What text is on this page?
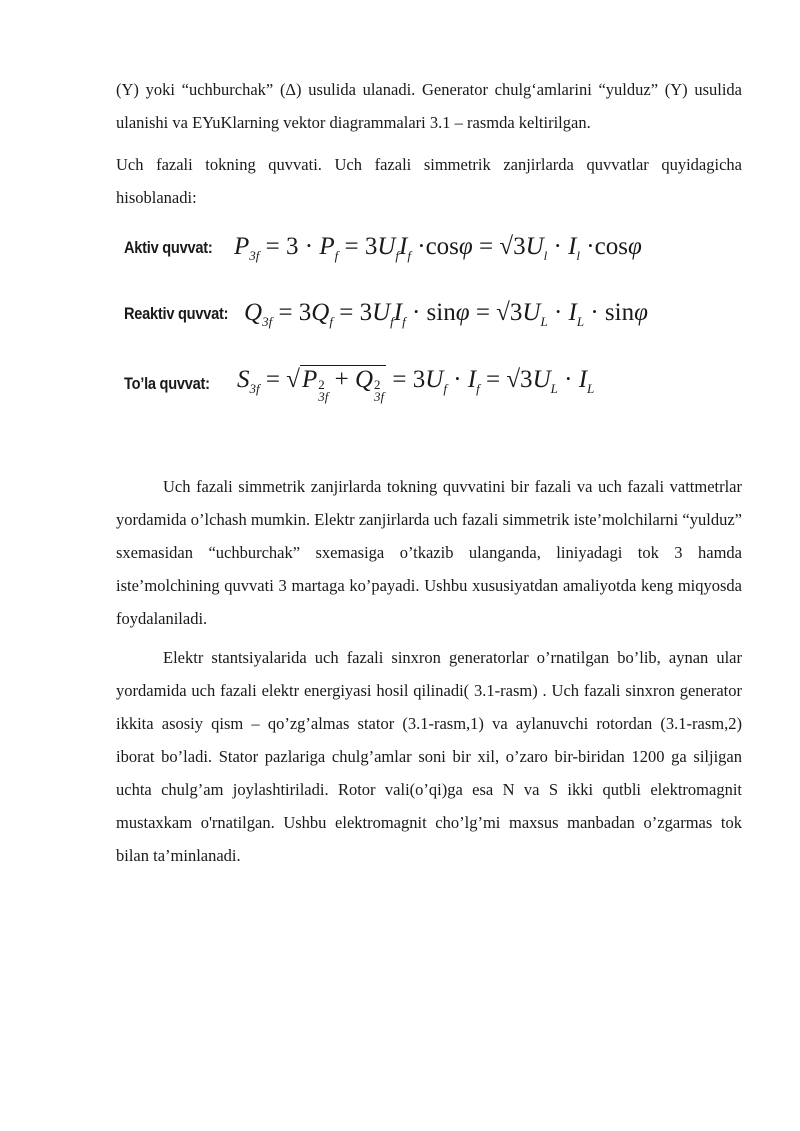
(Y) yoki “uchburchak” (Δ) usulida ulanadi. Generator chulg‘amlarini “yulduz” (Y) usulida ulanishi va EYuKlarning vektor diagrammalari 3.1 – rasmda keltirilgan.

Uch fazali tokning quvvati. Uch fazali simmetrik zanjirlarda quvvatlar quyidagicha hisoblanadi:

Aktiv quvvat: $P_{3f} = 3 \cdot P_f = 3U_fI_f \cdot\cos\varphi = √3U_l \cdot I_l \cdot\cos\varphi$
Reaktiv quvvat: $Q_{3f} = 3Q_f = 3U_fI_f \cdot \sin\varphi = √3U_L \cdot I_L \cdot \sin\varphi$
To’la quvvat: $S_{3f} = √P$ 2
3f
+ Q 2
3f
= $3U_f \cdot I_f = √3U_L \cdot I_L$

Uch fazali simmetrik zanjirlarda tokning quvvatini bir fazali va uch fazali vattmetrlar yordamida o’lchash mumkin. Elektr zanjirlarda uch fazali simmetrik iste’molchilarni “yulduz” sxemasidan “uchburchak” sxemasiga o’tkazib ulanganda, liniyadagi tok 3 hamda iste’molchining quvvati 3 martaga ko’payadi. Ushbu xususiyatdan amaliyotda keng miqyosda foydalaniladi.

Elektr stantsiyalarida uch fazali sinxron generatorlar o’rnatilgan bo’lib, aynan ular yordamida uch fazali elektr energiyasi hosil qilinadi( 3.1-rasm) . Uch fazali sinxron generator ikkita asosiy qism – qo’zg’almas stator (3.1-rasm,1) va aylanuvchi rotordan (3.1-rasm,2) iborat bo’ladi. Stator pazlariga chulg’amlar soni bir xil, o’zaro bir-biridan 1200 ga siljigan uchta chulg’am joylashtiriladi. Rotor vali(o’qi)ga esa N va S ikki qutbli elektromagnit mustaxkam o'rnatilgan. Ushbu elektromagnit cho’lg’mi maxsus manbadan o’zgarmas tok bilan ta’minlanadi.
